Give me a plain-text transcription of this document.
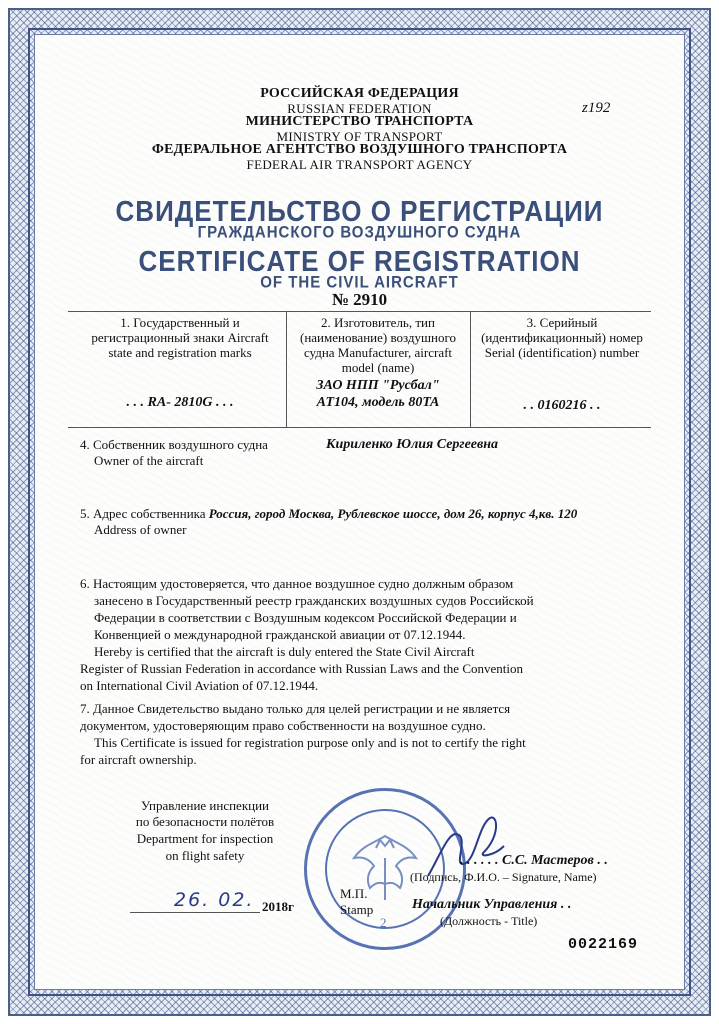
РОССИЙСКАЯ ФЕДЕРАЦИЯ
RUSSIAN FEDERATION
МИНИСТЕРСТВО ТРАНСПОРТА
MINISTRY OF TRANSPORT
ФЕДЕРАЛЬНОЕ АГЕНТСТВО ВОЗДУШНОГО ТРАНСПОРТА
FEDERAL AIR TRANSPORT AGENCY
z192
СВИДЕТЕЛЬСТВО О РЕГИСТРАЦИИ
ГРАЖДАНСКОГО ВОЗДУШНОГО СУДНА
CERTIFICATE OF REGISTRATION
OF THE CIVIL AIRCRAFT
№ 2910
1. Государственный и регистрационный знаки Aircraft state and registration marks
2. Изготовитель, тип (наименование) воздушного судна Manufacturer, aircraft model (name)
3. Серийный (идентификационный) номер Serial (identification) number
. . . RA- 2810G . . .
ЗАО НПП "Русбал"
АТ104, модель 80ТА	. . 0160216 . .
4. Собственник воздушного судна
Owner of the aircraft
Кириленко Юлия Сергеевна
5. Адрес собственника Россия, город Москва, Рублевское шоссе, дом 26, корпус 4,кв. 120
Address of owner
6. Настоящим удостоверяется, что данное воздушное судно должным образом
занесено в Государственный реестр гражданских воздушных судов Российской
Федерации в соответствии с Воздушным кодексом Российской Федерации и
Конвенцией о международной гражданской авиации от 07.12.1944.
Hereby is certified that the aircraft is duly entered the State Civil Aircraft
Register of Russian Federation in accordance with Russian Laws and the Convention
on International Civil Aviation of 07.12.1944.
7. Данное Свидетельство выдано только для целей регистрации и не является
документом, удостоверяющим право собственности на воздушное судно.
This Certificate is issued for registration purpose only and is not to certify the right
for aircraft ownership.
Управление инспекции
по безопасности полётов
Department for inspection
on flight safety
26. 02. 2018г
2
. . . . . . С.С. Мастеров . .
(Подпись, Ф.И.О. – Signature, Name)
М.П.
Stamp	Начальник Управления . .
(Должность - Title)
0022169
